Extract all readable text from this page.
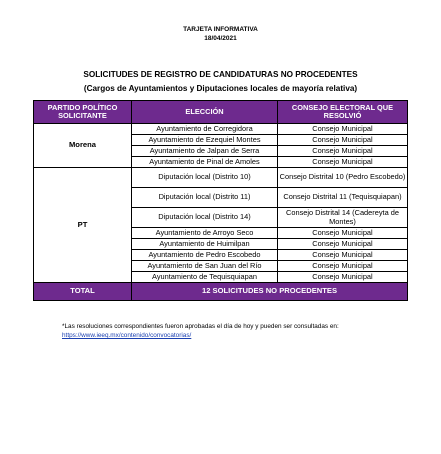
TARJETA INFORMATIVA
18/04/2021
SOLICITUDES DE REGISTRO DE CANDIDATURAS NO PROCEDENTES
(Cargos de Ayuntamientos y Diputaciones locales de mayoría relativa)
PARTIDO POLÍTICO SOLICITANTE	ELECCIÓN	CONSEJO ELECTORAL QUE RESOLVIÓ
Morena	Ayuntamiento de Corregidora	Consejo Municipal
	Ayuntamiento de Ezequiel Montes	Consejo Municipal
	Ayuntamiento de Jalpan de Serra	Consejo Municipal
	Ayuntamiento de Pinal de Amoles	Consejo Municipal
PT	Diputación local (Distrito 10)	Consejo Distrital 10 (Pedro Escobedo)
	Diputación local (Distrito 11)	Consejo Distrital 11 (Tequisquiapan)
	Diputación local (Distrito 14)	Consejo Distrital 14 (Cadereyta de Montes)
	Ayuntamiento de Arroyo Seco	Consejo Municipal
	Ayuntamiento de Huimilpan	Consejo Municipal
	Ayuntamiento de Pedro Escobedo	Consejo Municipal
	Ayuntamiento de San Juan del Río	Consejo Municipal
	Ayuntamiento de Tequisquiapan	Consejo Municipal
TOTAL	12 SOLICITUDES NO PROCEDENTES	
*Las resoluciones correspondientes fueron aprobadas el día de hoy y pueden ser consultadas en:
https://www.ieeq.mx/contenido/convocatorias/
